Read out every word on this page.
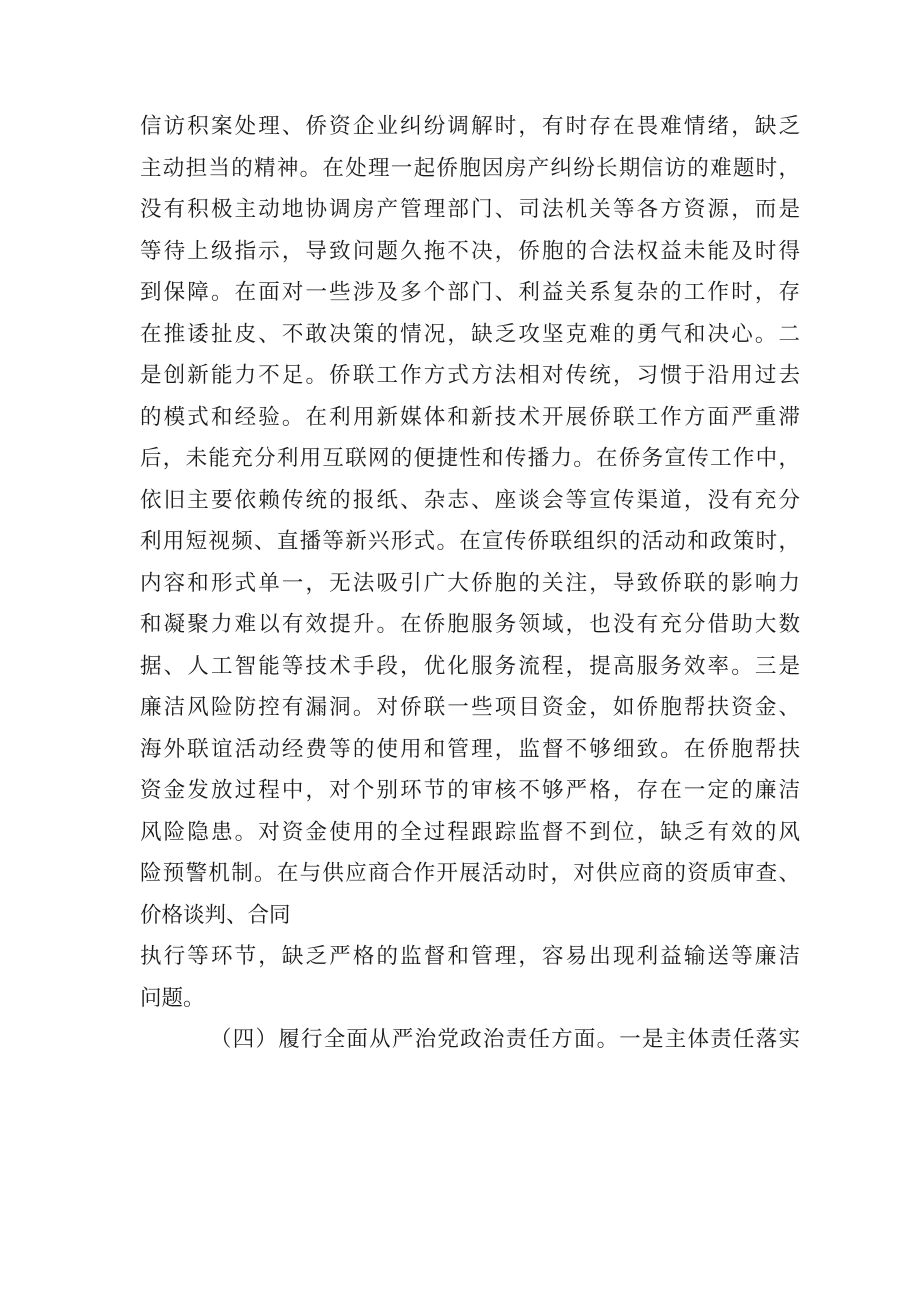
信访积案处理、侨资企业纠纷调解时，有时存在畏难情绪，缺乏
主动担当的精神。在处理一起侨胞因房产纠纷长期信访的难题时，
没有积极主动地协调房产管理部门、司法机关等各方资源，而是
等待上级指示，导致问题久拖不决，侨胞的合法权益未能及时得
到保障。在面对一些涉及多个部门、利益关系复杂的工作时，存
在推诿扯皮、不敢决策的情况，缺乏攻坚克难的勇气和决心。二
是创新能力不足。侨联工作方式方法相对传统，习惯于沿用过去
的模式和经验。在利用新媒体和新技术开展侨联工作方面严重滞
后，未能充分利用互联网的便捷性和传播力。在侨务宣传工作中，
依旧主要依赖传统的报纸、杂志、座谈会等宣传渠道，没有充分
利用短视频、直播等新兴形式。在宣传侨联组织的活动和政策时，
内容和形式单一，无法吸引广大侨胞的关注，导致侨联的影响力
和凝聚力难以有效提升。在侨胞服务领域，也没有充分借助大数
据、人工智能等技术手段，优化服务流程，提高服务效率。三是
廉洁风险防控有漏洞。对侨联一些项目资金，如侨胞帮扶资金、
海外联谊活动经费等的使用和管理，监督不够细致。在侨胞帮扶
资金发放过程中，对个别环节的审核不够严格，存在一定的廉洁
风险隐患。对资金使用的全过程跟踪监督不到位，缺乏有效的风
险预警机制。在与供应商合作开展活动时，对供应商的资质审查、
价格谈判、合同
执行等环节，缺乏严格的监督和管理，容易出现利益输送等廉洁
问题。
（四）履行全面从严治党政治责任方面。一是主体责任落实
